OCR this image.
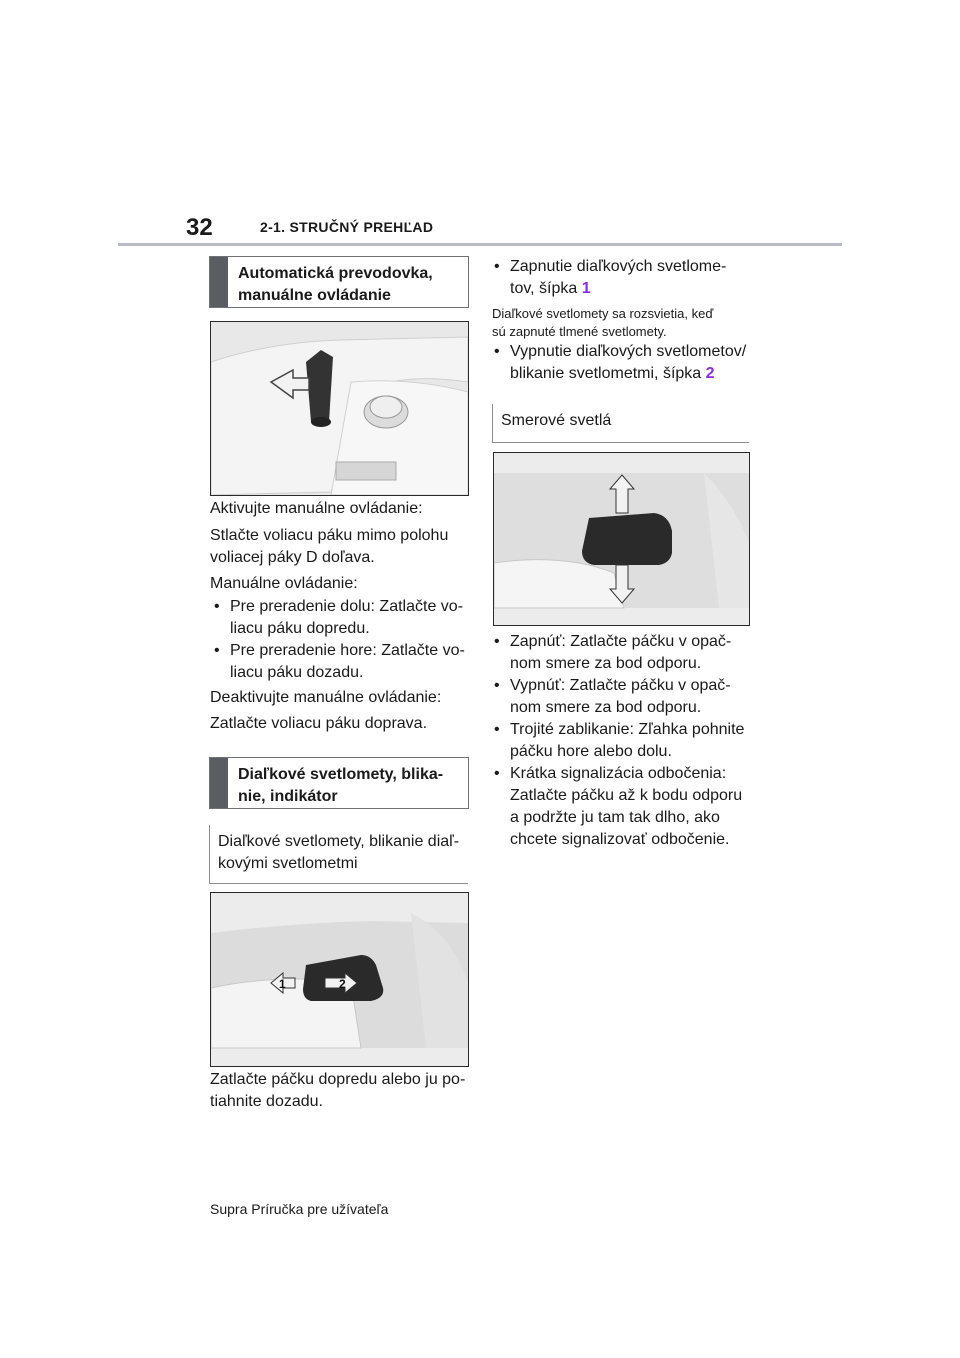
32	2-1. STRUČNÝ PREHĽAD
Automatická prevodovka,
manuálne ovládanie
Aktivujte manuálne ovládanie:
Stlačte voliacu páku mimo polohu
voliacej páky D doľava.
Manuálne ovládanie:
• Pre preradenie dolu: Zatlačte vo-
liacu páku dopredu.
• Pre preradenie hore: Zatlačte vo-
liacu páku dozadu.
Deaktivujte manuálne ovládanie:
Zatlačte voliacu páku doprava.
Diaľkové svetlomety, blika-
nie, indikátor
Diaľkové svetlomety, blikanie diaľ-
kovými svetlometmi
1	2
Zatlačte páčku dopredu alebo ju po-
tiahnite dozadu.
• Zapnutie diaľkových svetlome-
tov, šípka 1
Diaľkové svetlomety sa rozsvietia, keď
sú zapnuté tlmené svetlomety.
• Vypnutie diaľkových svetlometov/
blikanie svetlometmi, šípka 2
Smerové svetlá
• Zapnúť: Zatlačte páčku v opač-
nom smere za bod odporu.
• Vypnúť: Zatlačte páčku v opač-
nom smere za bod odporu.
• Trojité zablikanie: Zľahka pohnite
páčku hore alebo dolu.
• Krátka signalizácia odbočenia:
Zatlačte páčku až k bodu odporu
a podržte ju tam tak dlho, ako
chcete signalizovať odbočenie.
Supra Príručka pre užívateľa
